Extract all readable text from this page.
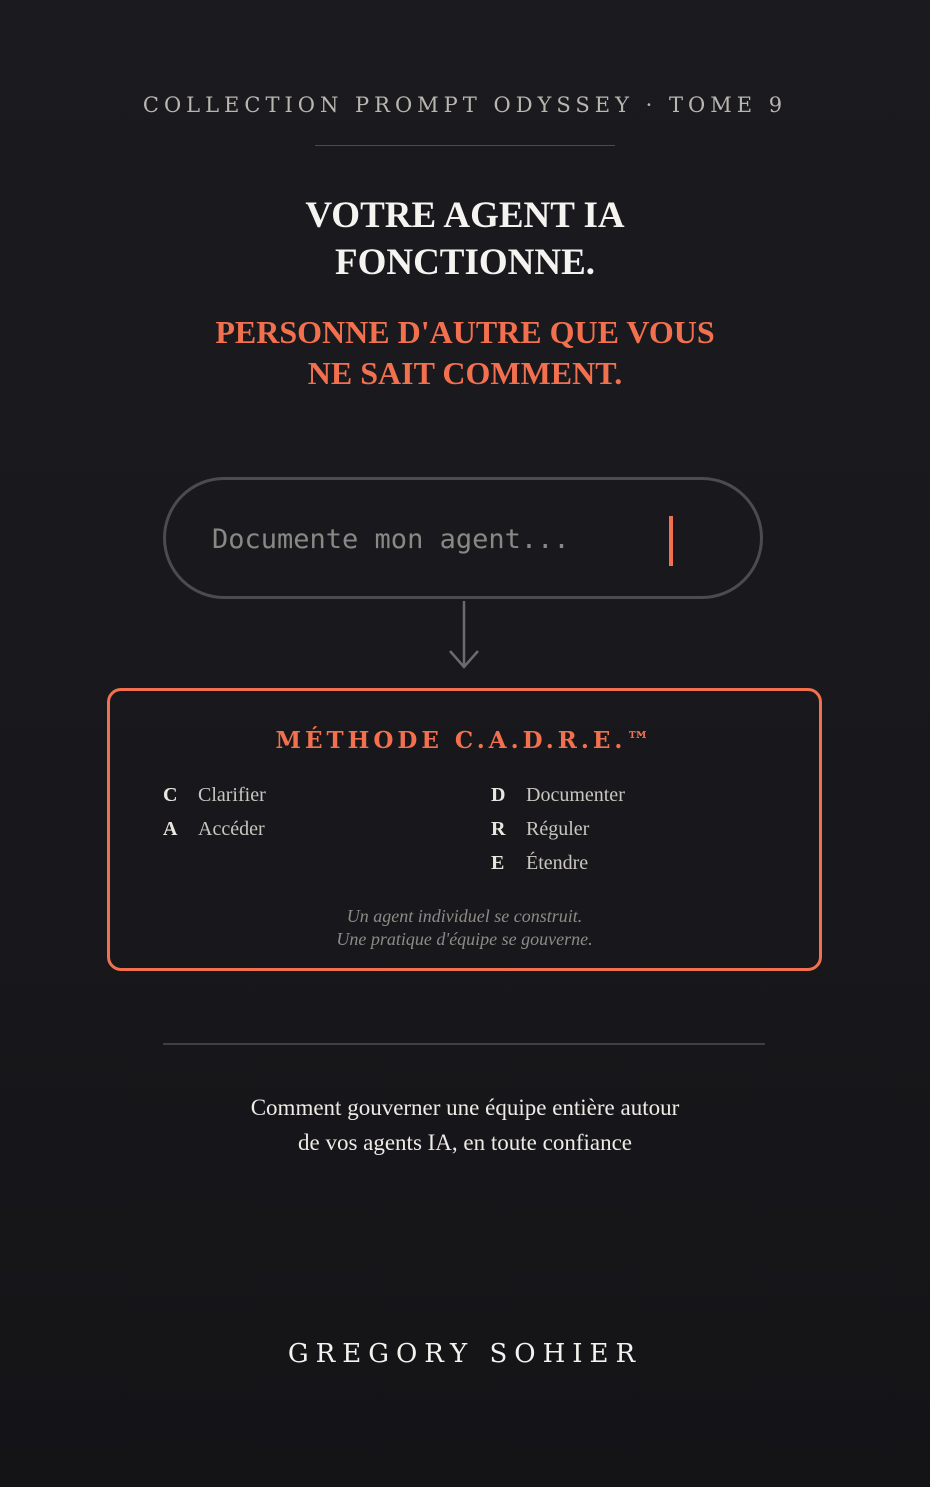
COLLECTION PROMPT ODYSSEY · TOME 9
VOTRE AGENT IA
FONCTIONNE.
PERSONNE D'AUTRE QUE VOUS
NE SAIT COMMENT.
Documente mon agent...
MÉTHODE C.A.D.R.E.™
C Clarifier
A Accéder
D Documenter
R Réguler
E Étendre
Un agent individuel se construit.
Une pratique d'équipe se gouverne.
Comment gouverner une équipe entière autour
de vos agents IA, en toute confiance
GREGORY SOHIER
